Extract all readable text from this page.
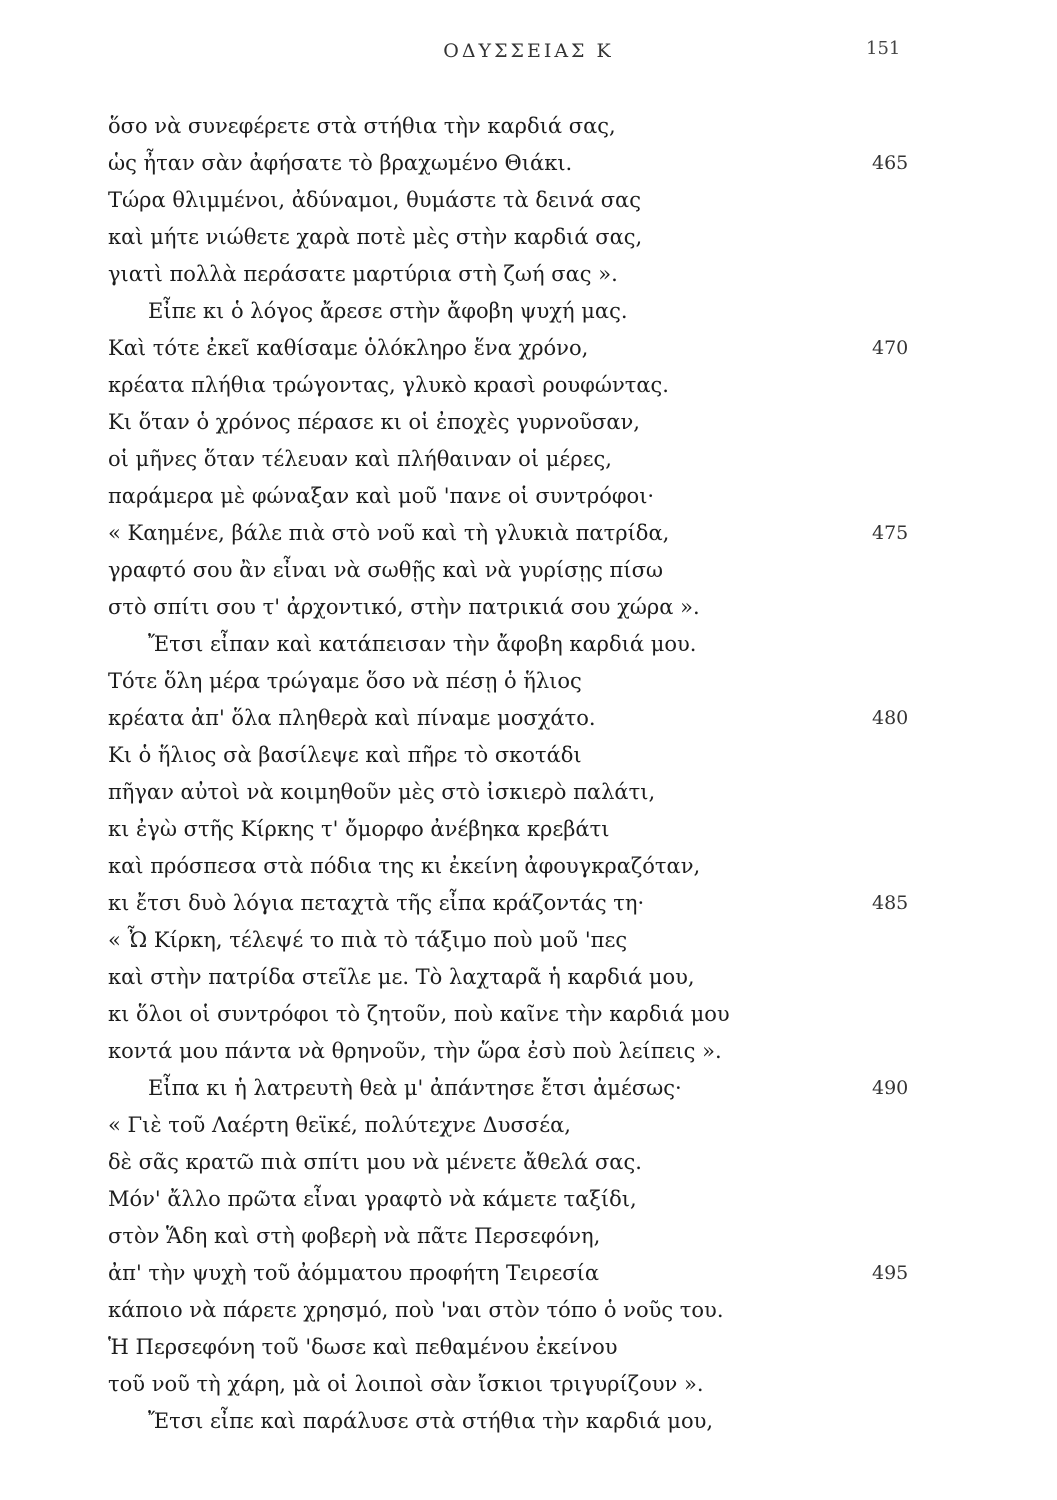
ΟΔΥΣΣΕΙΑΣ Κ	151
ὅσο νὰ συνεφέρετε στὰ στήθια τὴν καρδιά σας,
ὡς ἦταν σὰν ἀφήσατε τὸ βραχωμένο Θιάκι.	465
Τώρα θλιμμένοι, ἀδύναμοι, θυμάστε τὰ δεινά σας
καὶ μήτε νιώθετε χαρὰ ποτὲ μὲς στὴν καρδιά σας,
γιατὶ πολλὰ περάσατε μαρτύρια στὴ ζωή σας ».
Εἶπε κι ὁ λόγος ἄρεσε στὴν ἄφοβη ψυχή μας.
Καὶ τότε ἐκεῖ καθίσαμε ὁλόκληρο ἕνα χρόνο,	470
κρέατα πλήθια τρώγοντας, γλυκὸ κρασὶ ρουφώντας.
Κι ὅταν ὁ χρόνος πέρασε κι οἱ ἐποχὲς γυρνοῦσαν,
οἱ μῆνες ὅταν τέλευαν καὶ πλήθαιναν οἱ μέρες,
παράμερα μὲ φώναξαν καὶ μοῦ 'πανε οἱ συντρόφοι·
« Καημένε, βάλε πιὰ στὸ νοῦ καὶ τὴ γλυκιὰ πατρίδα,	475
γραφτό σου ἂν εἶναι νὰ σωθῇς καὶ νὰ γυρίσῃς πίσω
στὸ σπίτι σου τ' ἀρχοντικό, στὴν πατρικιά σου χώρα ».
Ἔτσι εἶπαν καὶ κατάπεισαν τὴν ἄφοβη καρδιά μου.
Τότε ὅλη μέρα τρώγαμε ὅσο νὰ πέσῃ ὁ ἥλιος
κρέατα ἀπ' ὅλα πληθερὰ καὶ πίναμε μοσχάτο.	480
Κι ὁ ἥλιος σὰ βασίλεψε καὶ πῆρε τὸ σκοτάδι
πῆγαν αὐτοὶ νὰ κοιμηθοῦν μὲς στὸ ἰσκιερὸ παλάτι,
κι ἐγὼ στῆς Κίρκης τ' ὄμορφο ἀνέβηκα κρεβάτι
καὶ πρόσπεσα στὰ πόδια της κι ἐκείνη ἀφουγκραζόταν,
κι ἔτσι δυὸ λόγια πεταχτὰ τῆς εἶπα κράζοντάς τη·	485
« Ὦ Κίρκη, τέλεψέ το πιὰ τὸ τάξιμο ποὺ μοῦ 'πες
καὶ στὴν πατρίδα στεῖλε με. Τὸ λαχταρᾶ ἡ καρδιά μου,
κι ὅλοι οἱ συντρόφοι τὸ ζητοῦν, ποὺ καῖνε τὴν καρδιά μου
κοντά μου πάντα νὰ θρηνοῦν, τὴν ὥρα ἐσὺ ποὺ λείπεις ».
Εἶπα κι ἡ λατρευτὴ θεὰ μ' ἀπάντησε ἔτσι ἀμέσως·	490
« Γιὲ τοῦ Λαέρτη θεϊκέ, πολύτεχνε Δυσσέα,
δὲ σᾶς κρατῶ πιὰ σπίτι μου νὰ μένετε ἄθελά σας.
Μόν' ἄλλο πρῶτα εἶναι γραφτὸ νὰ κάμετε ταξίδι,
στὸν Ἅδη καὶ στὴ φοβερὴ νὰ πᾶτε Περσεφόνη,
ἀπ' τὴν ψυχὴ τοῦ ἀόμματου προφήτη Τειρεσία	495
κάποιο νὰ πάρετε χρησμό, ποὺ 'ναι στὸν τόπο ὁ νοῦς του.
Ἡ Περσεφόνη τοῦ 'δωσε καὶ πεθαμένου ἐκείνου
τοῦ νοῦ τὴ χάρη, μὰ οἱ λοιποὶ σὰν ἴσκιοι τριγυρίζουν ».
Ἔτσι εἶπε καὶ παράλυσε στὰ στήθια τὴν καρδιά μου,
